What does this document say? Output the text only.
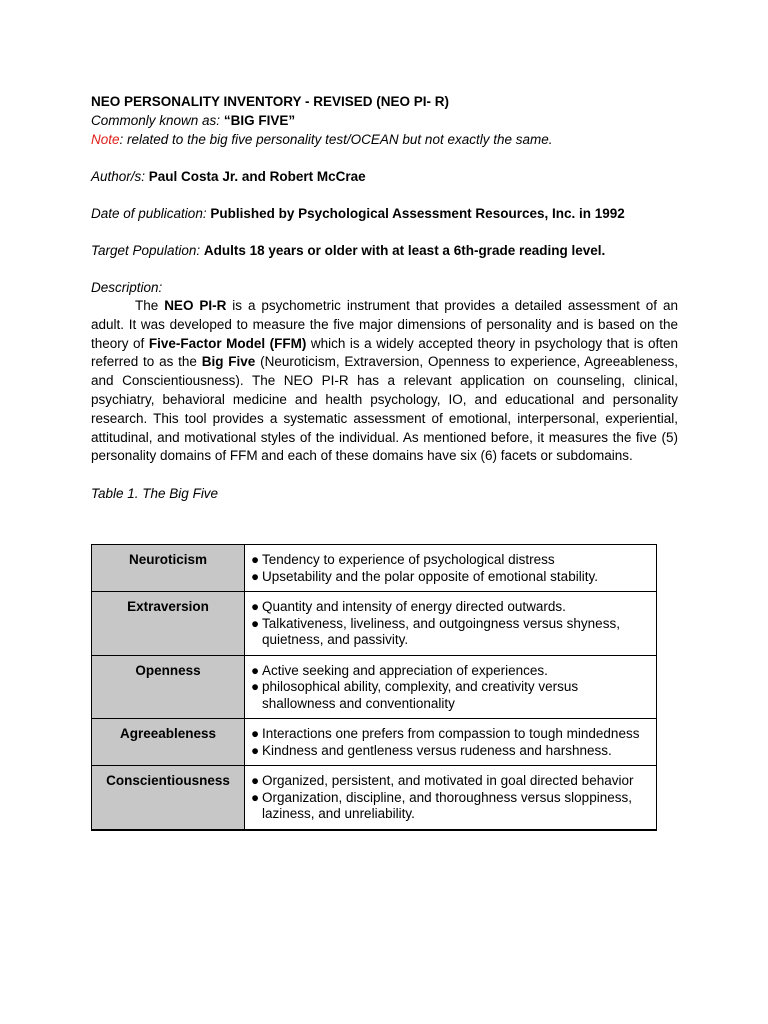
NEO PERSONALITY INVENTORY - REVISED (NEO PI- R)

Commonly known as: “BIG FIVE”

Note: related to the big five personality test/OCEAN but not exactly the same.

Author/s: Paul Costa Jr. and Robert McCrae

Date of publication: Published by Psychological Assessment Resources, Inc. in 1992

Target Population: Adults 18 years or older with at least a 6th‑grade reading level.

Description:

The NEO PI-R is a psychometric instrument that provides a detailed assessment of an adult. It was developed to measure the five major dimensions of personality and is based on the theory of Five-Factor Model (FFM) which is a widely accepted theory in psychology that is often referred to as the Big Five (Neuroticism, Extraversion, Openness to experience, Agreeableness, and Conscientiousness). The NEO PI-R has a relevant application on counseling, clinical, psychiatry, behavioral medicine and health psychology, IO, and educational and personality research. This tool provides a systematic assessment of emotional, interpersonal, experiential, attitudinal, and motivational styles of the individual. As mentioned before, it measures the five (5) personality domains of FFM and each of these domains have six (6) facets or subdomains.

Table 1. The Big Five

Neuroticism	● Tendency to experience of psychological distress
● Upsetability and the polar opposite of emotional stability.

Extraversion	● Quantity and intensity of energy directed outwards.
● Talkativeness, liveliness, and outgoingness versus shyness, quietness, and passivity.

Openness	● Active seeking and appreciation of experiences.
● philosophical ability, complexity, and creativity versus shallowness and conventionality

Agreeableness	● Interactions one prefers from compassion to tough mindedness
● Kindness and gentleness versus rudeness and harshness.

Conscientiousness	● Organized, persistent, and motivated in goal directed behavior
● Organization, discipline, and thoroughness versus sloppiness, laziness, and unreliability.
